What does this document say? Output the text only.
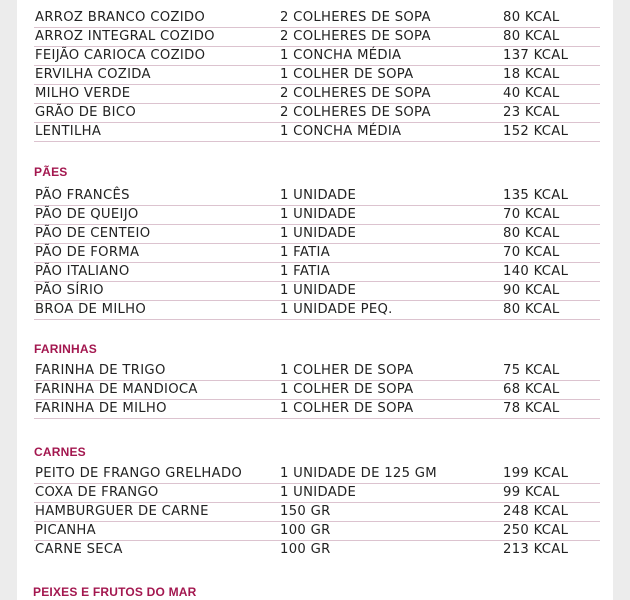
ARROZ BRANCO COZIDO	2 COLHERES DE SOPA	80 KCAL
ARROZ INTEGRAL COZIDO	2 COLHERES DE SOPA	80 KCAL
FEIJÃO CARIOCA COZIDO	1 CONCHA MÉDIA	137 KCAL
ERVILHA COZIDA	1 COLHER DE SOPA	18 KCAL
MILHO VERDE	2 COLHERES DE SOPA	40 KCAL
GRÃO DE BICO	2 COLHERES DE SOPA	23 KCAL
LENTILHA	1 CONCHA MÉDIA	152 KCAL
PÃES
PÃO FRANCÊS	1 UNIDADE	135 KCAL
PÃO DE QUEIJO	1 UNIDADE	70 KCAL
PÃO DE CENTEIO	1 UNIDADE	80 KCAL
PÃO DE FORMA	1 FATIA	70 KCAL
PÃO ITALIANO	1 FATIA	140 KCAL
PÃO SÍRIO	1 UNIDADE	90 KCAL
BROA DE MILHO	1 UNIDADE PEQ.	80 KCAL
FARINHAS
FARINHA DE TRIGO	1 COLHER DE SOPA	75 KCAL
FARINHA DE MANDIOCA	1 COLHER DE SOPA	68 KCAL
FARINHA DE MILHO	1 COLHER DE SOPA	78 KCAL
CARNES
PEITO DE FRANGO GRELHADO	1 UNIDADE DE 125 GM	199 KCAL
COXA DE FRANGO	1 UNIDADE	99 KCAL
HAMBURGUER DE CARNE	150 GR	248 KCAL
PICANHA	100 GR	250 KCAL
CARNE SECA	100 GR	213 KCAL
PEIXES E FRUTOS DO MAR
